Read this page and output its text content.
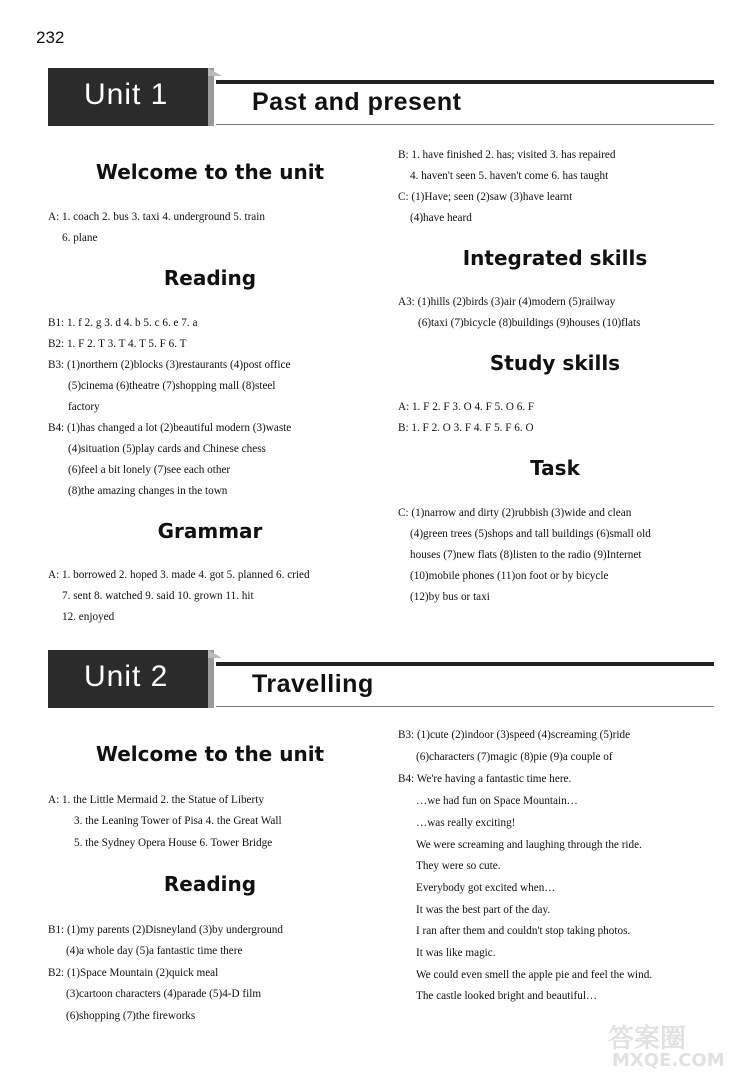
232
Unit 1	Past and present
Welcome to the unit
A: 1. coach 2. bus 3. taxi 4. underground 5. train
6. plane
Reading
B1: 1. f 2. g 3. d 4. b 5. c 6. e 7. a
B2: 1. F 2. T 3. T 4. T 5. F 6. T
B3: (1)northern (2)blocks (3)restaurants (4)post office
(5)cinema (6)theatre (7)shopping mall (8)steel
factory
B4: (1)has changed a lot (2)beautiful modern (3)waste
(4)situation (5)play cards and Chinese chess
(6)feel a bit lonely (7)see each other
(8)the amazing changes in the town
Grammar
A: 1. borrowed 2. hoped 3. made 4. got 5. planned 6. cried
7. sent 8. watched 9. said 10. grown 11. hit
12. enjoyed
B: 1. have finished 2. has; visited 3. has repaired
4. haven't seen 5. haven't come 6. has taught
C: (1)Have; seen (2)saw (3)have learnt
(4)have heard
Integrated skills
A3: (1)hills (2)birds (3)air (4)modern (5)railway
(6)taxi (7)bicycle (8)buildings (9)houses (10)flats
Study skills
A: 1. F 2. F 3. O 4. F 5. O 6. F
B: 1. F 2. O 3. F 4. F 5. F 6. O
Task
C: (1)narrow and dirty (2)rubbish (3)wide and clean
(4)green trees (5)shops and tall buildings (6)small old
houses (7)new flats (8)listen to the radio (9)Internet
(10)mobile phones (11)on foot or by bicycle
(12)by bus or taxi
Unit 2	Travelling
Welcome to the unit
A: 1. the Little Mermaid 2. the Statue of Liberty
3. the Leaning Tower of Pisa 4. the Great Wall
5. the Sydney Opera House 6. Tower Bridge
Reading
B1: (1)my parents (2)Disneyland (3)by underground
(4)a whole day (5)a fantastic time there
B2: (1)Space Mountain (2)quick meal
(3)cartoon characters (4)parade (5)4-D film
(6)shopping (7)the fireworks
B3: (1)cute (2)indoor (3)speed (4)screaming (5)ride
(6)characters (7)magic (8)pie (9)a couple of
B4: We're having a fantastic time here.
…we had fun on Space Mountain…
…was really exciting!
We were screaming and laughing through the ride.
They were so cute.
Everybody got excited when…
It was the best part of the day.
I ran after them and couldn't stop taking photos.
It was like magic.
We could even smell the apple pie and feel the wind.
The castle looked bright and beautiful…
答案圈
MXQE.COM
